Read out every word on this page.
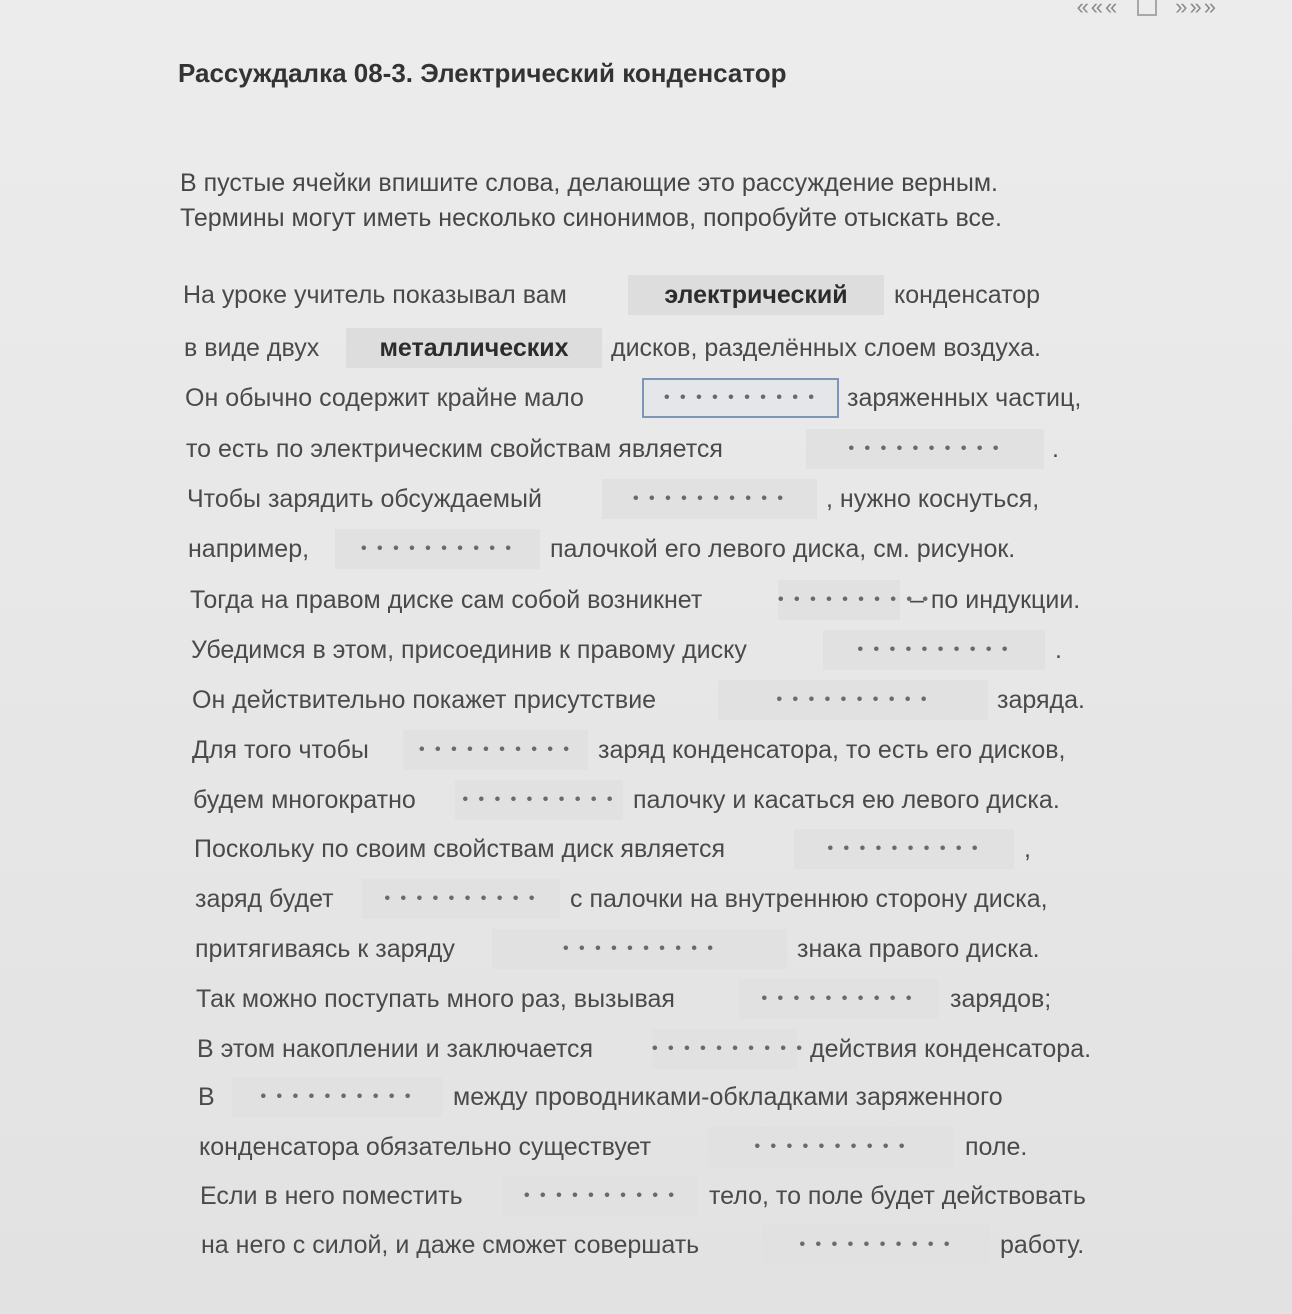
«««	»»»
Рассуждалка 08-3. Электрический конденсатор
В пустые ячейки впишите слова, делающие это рассуждение верным.
Термины могут иметь несколько синонимов, попробуйте отыскать все.
На уроке учитель показывал вам	электрический	конденсатор
в виде двух	металлических	дисков, разделённых слоем воздуха.
Он обычно содержит крайне мало	• • • • • • • • • •	заряженных частиц,
то есть по электрическим свойствам является	• • • • • • • • • •	.
Чтобы зарядить обсуждаемый	• • • • • • • • • •	, нужно коснуться,
например,	• • • • • • • • • •	палочкой его левого диска, см. рисунок.
Тогда на правом диске сам собой возникнет	• • • • • • • • • •
– по индукции.
Убедимся в этом, присоединив к правому диску	• • • • • • • • • •	.
Он действительно покажет присутствие	• • • • • • • • • •	заряда.
Для того чтобы	• • • • • • • • • •	заряд конденсатора, то есть его дисков,
будем многократно	• • • • • • • • • • палочку и касаться ею левого диска.
Поскольку по своим свойствам диск является	• • • • • • • • • •	,
заряд будет	• • • • • • • • • •	с палочки на внутреннюю сторону диска,
притягиваясь к заряду	• • • • • • • • • •	знака правого диска.
Так можно поступать много раз, вызывая	• • • • • • • • • •	зарядов;
В этом накоплении и заключается	• • • • • • • • • • действия конденсатора.
В	• • • • • • • • • •	между проводниками-обкладками заряженного
конденсатора обязательно существует	• • • • • • • • • •	поле.
Если в него поместить	• • • • • • • • • •	тело, то поле будет действовать
на него с силой, и даже сможет совершать	• • • • • • • • • •	работу.
